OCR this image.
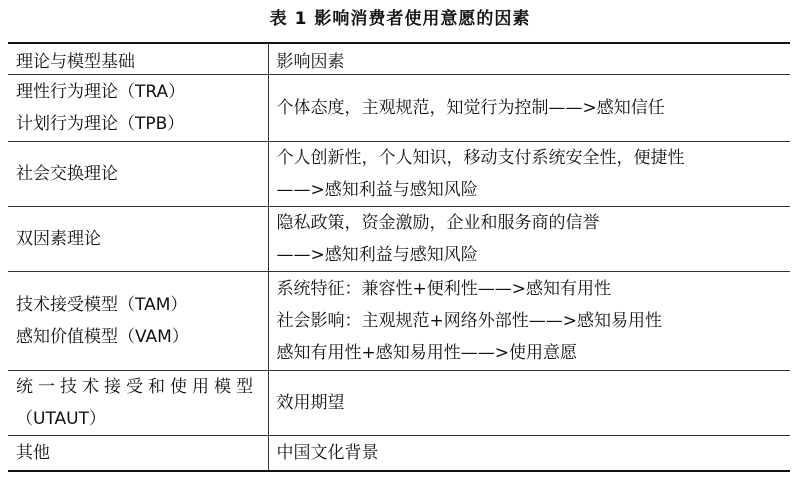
表 1 影响消费者使用意愿的因素
理论与模型基础	影响因素

理性行为理论（TRA）
计划行为理论（TPB）	个体态度，主观规范，知觉行为控制——>感知信任

社会交换理论	个人创新性，个人知识，移动支付系统安全性，便捷性
——>感知利益与感知风险

双因素理论	隐私政策，资金激励，企业和服务商的信誉
——>感知利益与感知风险

技术接受模型（TAM）
感知价值模型（VAM）	系统特征：兼容性+便利性——>感知有用性
社会影响：主观规范+网络外部性——>感知易用性
感知有用性+感知易用性——>使用意愿

统一技术接受和使用模型
（UTAUT）	效用期望

其他	中国文化背景
